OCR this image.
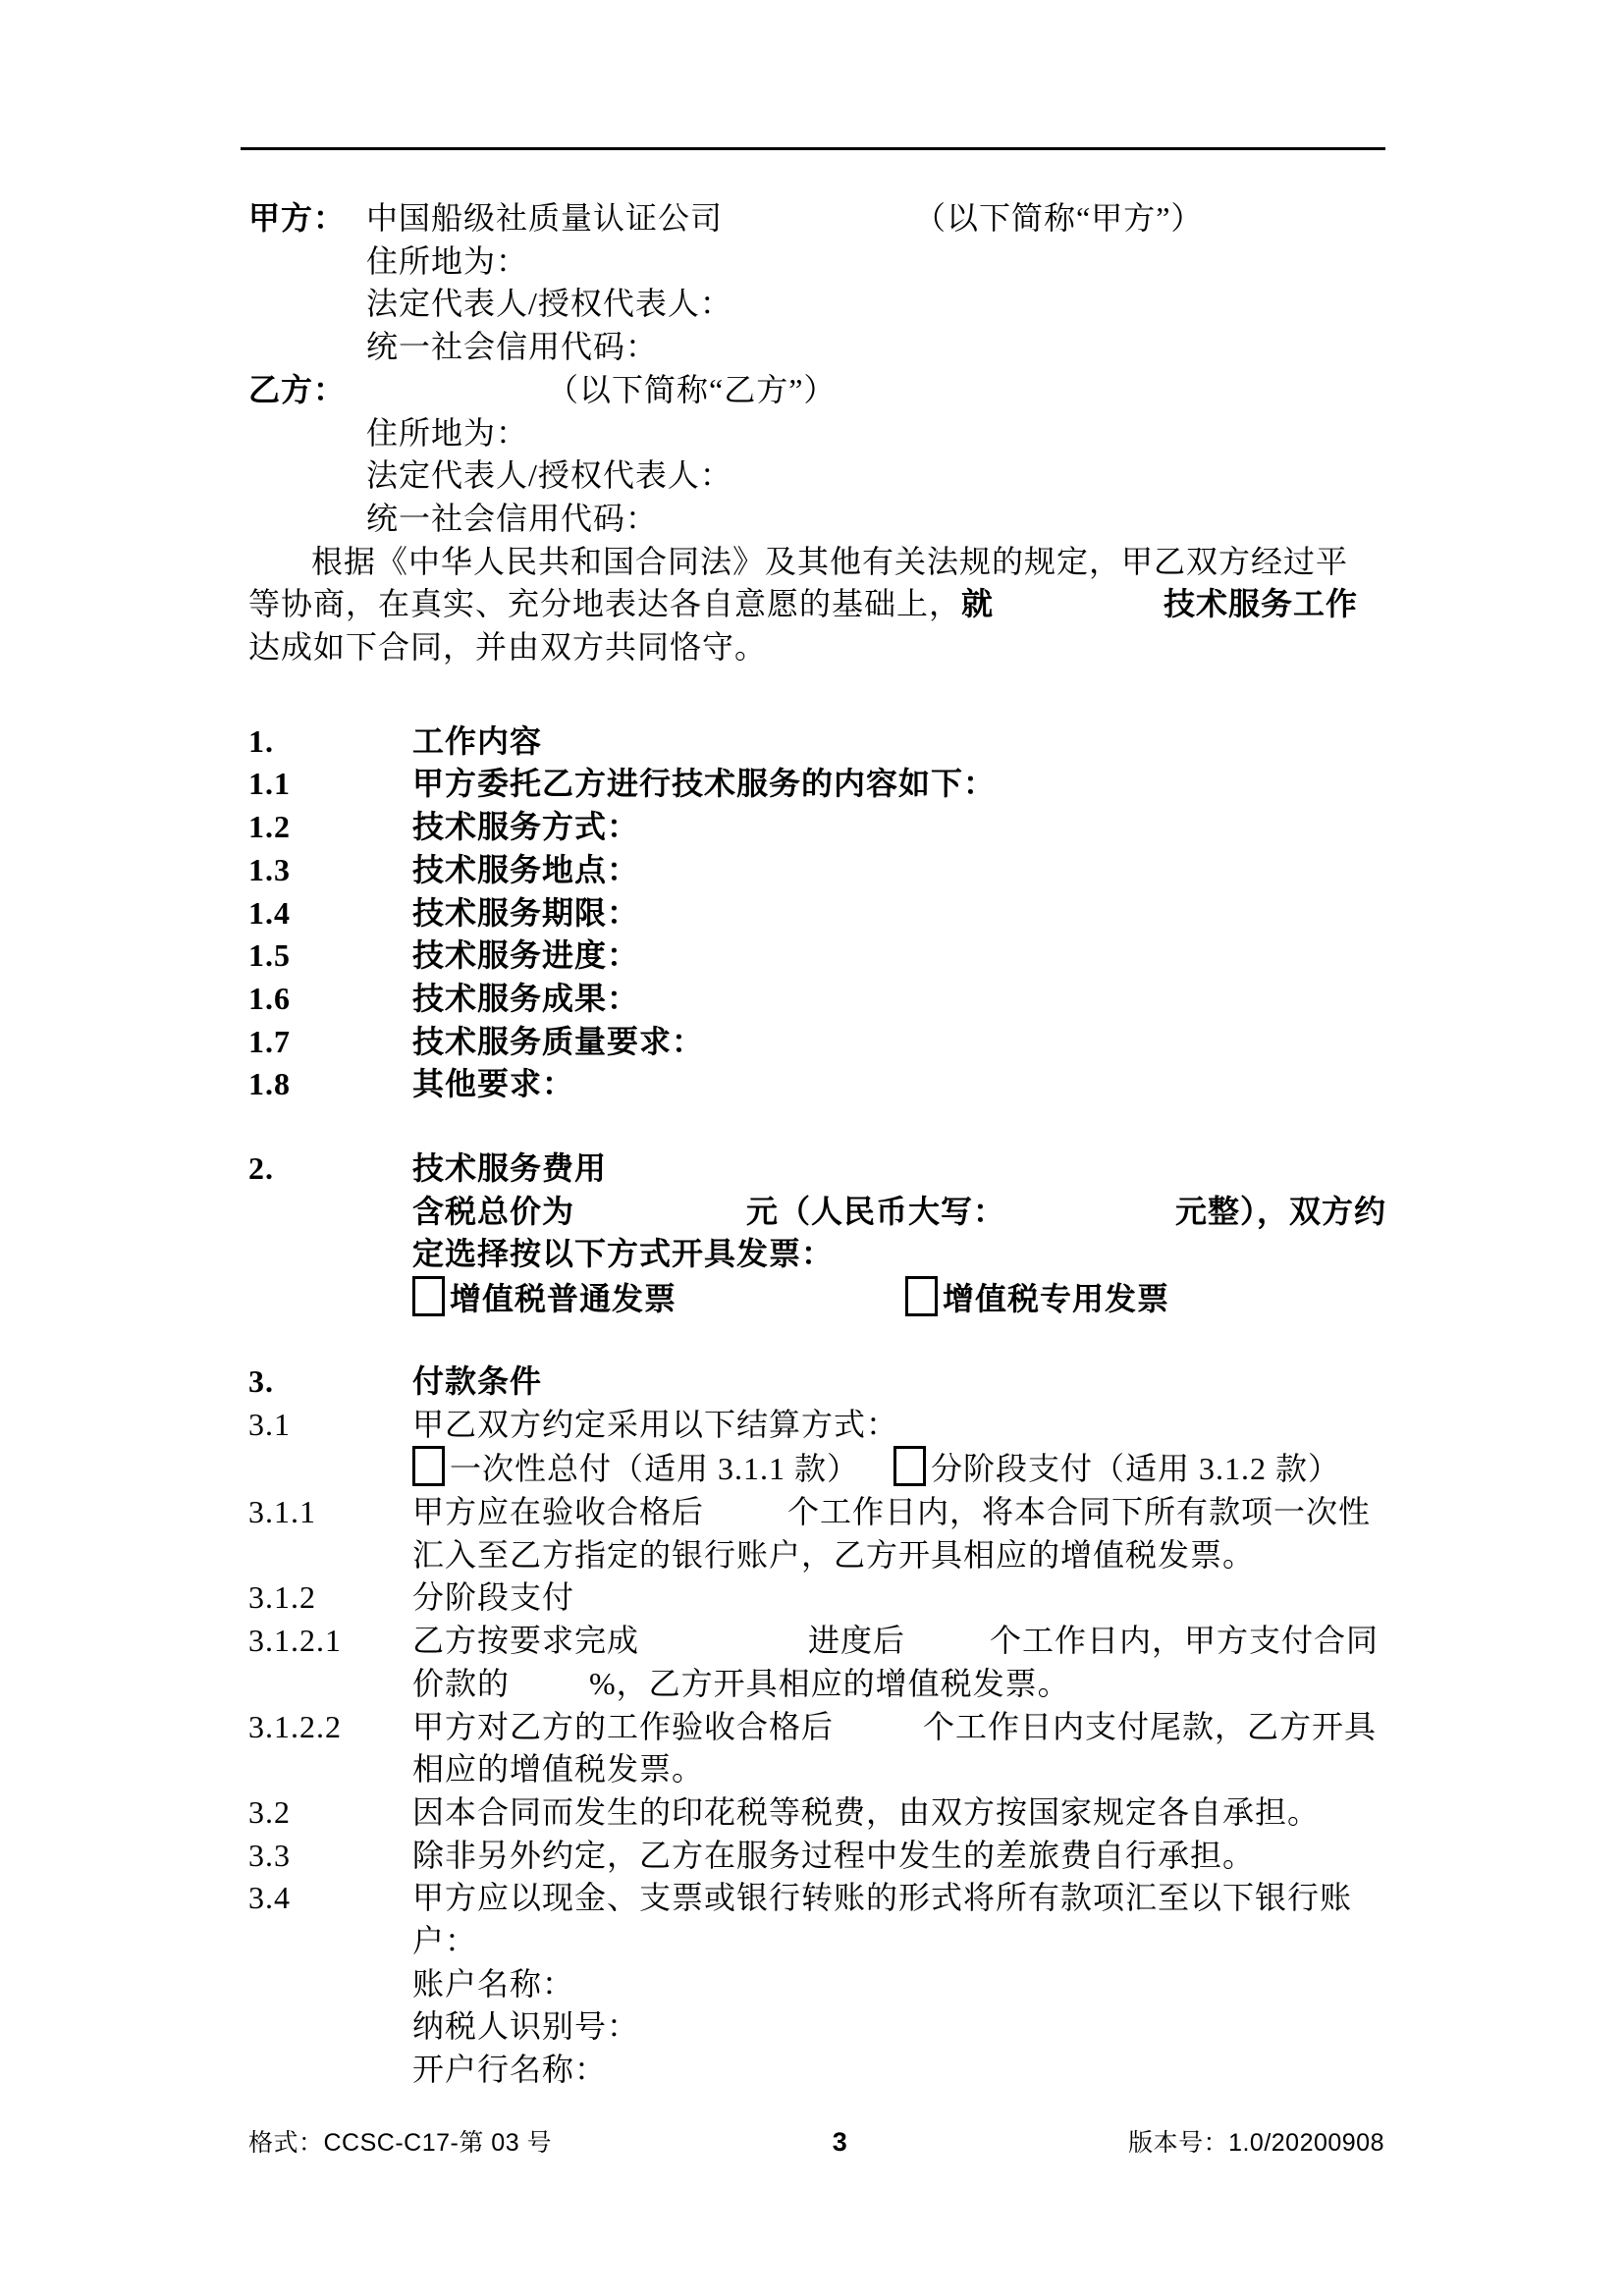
甲方： 中国船级社质量认证公司	（以下简称“甲方”）
住所地为：
法定代表人/授权代表人：
统一社会信用代码：
乙方：	（以下简称“乙方”）
住所地为：
法定代表人/授权代表人：
统一社会信用代码：
根据《中华人民共和国合同法》及其他有关法规的规定，甲乙双方经过平
等协商，在真实、充分地表达各自意愿的基础上，就	技术服务工作
达成如下合同，并由双方共同恪守。
1.	工作内容
1.1	甲方委托乙方进行技术服务的内容如下：
1.2	技术服务方式：
1.3	技术服务地点：
1.4	技术服务期限：
1.5	技术服务进度：
1.6	技术服务成果：
1.7	技术服务质量要求：
1.8	其他要求：
2.	技术服务费用
含税总价为	元（人民币大写：	元整），双方约
定选择按以下方式开具发票：
增值税普通发票	增值税专用发票
3.	付款条件
3.1	甲乙双方约定采用以下结算方式：
一次性总付（适用 3.1.1 款） 分阶段支付（适用 3.1.2 款）
3.1.1	甲方应在验收合格后	个工作日内，将本合同下所有款项一次性
汇入至乙方指定的银行账户，乙方开具相应的增值税发票。
3.1.2	分阶段支付
3.1.2.1 乙方按要求完成	进度后	个工作日内，甲方支付合同
价款的	%，乙方开具相应的增值税发票。
3.1.2.2 甲方对乙方的工作验收合格后	个工作日内支付尾款，乙方开具
相应的增值税发票。
3.2	因本合同而发生的印花税等税费，由双方按国家规定各自承担。
3.3	除非另外约定，乙方在服务过程中发生的差旅费自行承担。
3.4	甲方应以现金、支票或银行转账的形式将所有款项汇至以下银行账
户：
账户名称：
纳税人识别号：
开户行名称：
格式：CCSC-C17-第 03 号	3	版本号：1.0/20200908
